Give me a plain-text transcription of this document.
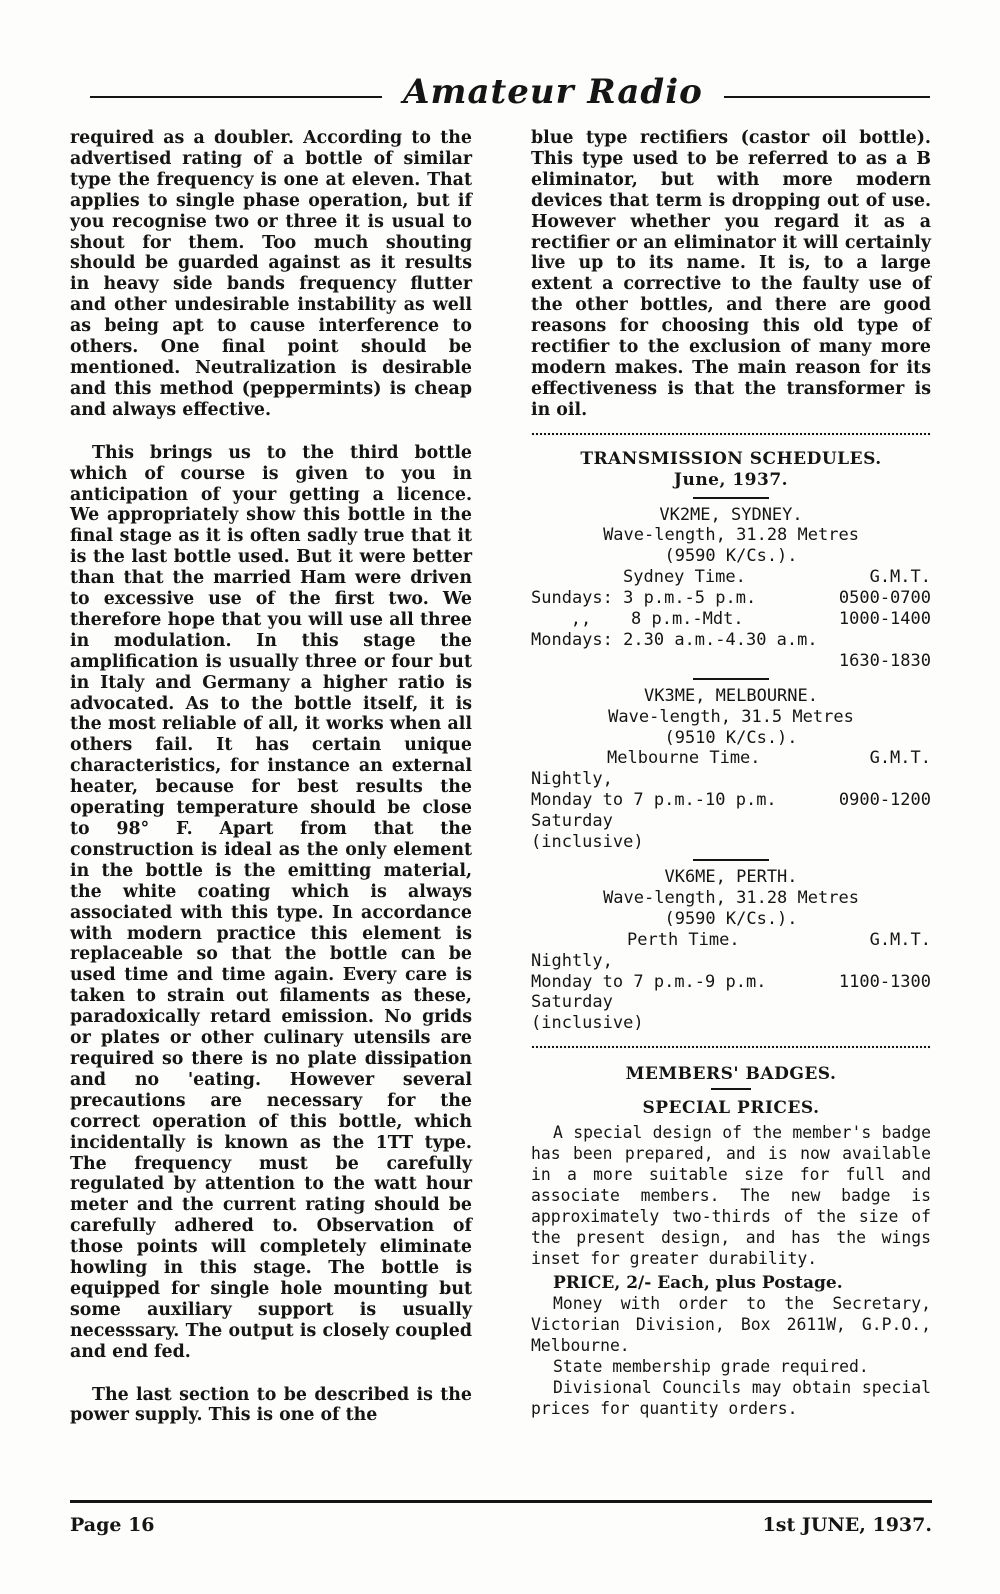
Amateur Radio

required as a doubler. According to the advertised rating of a bottle of similar type the frequency is one at eleven. That applies to single phase operation, but if you recognise two or three it is usual to shout for them. Too much shouting should be guarded against as it results in heavy side bands frequency flutter and other undesirable instability as well as being apt to cause interference to others. One final point should be mentioned. Neutralization is desirable and this method (peppermints) is cheap and always effective.

This brings us to the third bottle which of course is given to you in anticipation of your getting a licence. We appropriately show this bottle in the final stage as it is often sadly true that it is the last bottle used. But it were better than that the married Ham were driven to excessive use of the first two. We therefore hope that you will use all three in modulation. In this stage the amplification is usually three or four but in Italy and Germany a higher ratio is advocated. As to the bottle itself, it is the most reliable of all, it works when all others fail. It has certain unique characteristics, for instance an external heater, because for best results the operating temperature should be close to 98° F. Apart from that the construction is ideal as the only element in the bottle is the emitting material, the white coating which is always associated with this type. In accordance with modern practice this element is replaceable so that the bottle can be used time and time again. Every care is taken to strain out filaments as these, paradoxically retard emission. No grids or plates or other culinary utensils are required so there is no plate dissipation and no 'eating. However several precautions are necessary for the correct operation of this bottle, which incidentally is known as the 1TT type. The frequency must be carefully regulated by attention to the watt hour meter and the current rating should be carefully adhered to. Observation of those points will completely eliminate howling in this stage. The bottle is equipped for single hole mounting but some auxiliary support is usually necesssary. The output is closely coupled and end fed.

The last section to be described is the power supply. This is one of the

blue type rectifiers (castor oil bottle). This type used to be referred to as a B eliminator, but with more modern devices that term is dropping out of use. However whether you regard it as a rectifier or an eliminator it will certainly live up to its name. It is, to a large extent a corrective to the faulty use of the other bottles, and there are good reasons for choosing this old type of rectifier to the exclusion of many more modern makes. The main reason for its effectiveness is that the transformer is in oil.

TRANSMISSION SCHEDULES.
June, 1937.
VK2ME, SYDNEY.
Wave-length, 31.28 Metres
(9590 K/Cs.).
Sydney Time.	G.M.T.
Sundays: 3 p.m.-5 p.m.	0500-0700
,, 8 p.m.-Mdt.	1000-1400
Mondays: 2.30 a.m.-4.30 a.m.
1630-1830
VK3ME, MELBOURNE.
Wave-length, 31.5 Metres
(9510 K/Cs.).
Melbourne Time.	G.M.T.
Nightly,
Monday to 7 p.m.-10 p.m.	0900-1200
Saturday
(inclusive)
VK6ME, PERTH.
Wave-length, 31.28 Metres
(9590 K/Cs.).
Perth Time.	G.M.T.
Nightly,
Monday to 7 p.m.-9 p.m.	1100-1300
Saturday
(inclusive)
MEMBERS' BADGES.
SPECIAL PRICES.

A special design of the member's badge has been prepared, and is now available in a more suitable size for full and associate members. The new badge is approximately two-thirds of the size of the present design, and has the wings inset for greater durability.

PRICE, 2/- Each, plus Postage.

Money with order to the Secretary, Victorian Division, Box 2611W, G.P.O., Melbourne.

State membership grade required.

Divisional Councils may obtain special prices for quantity orders.

Page 16	1st JUNE, 1937.
